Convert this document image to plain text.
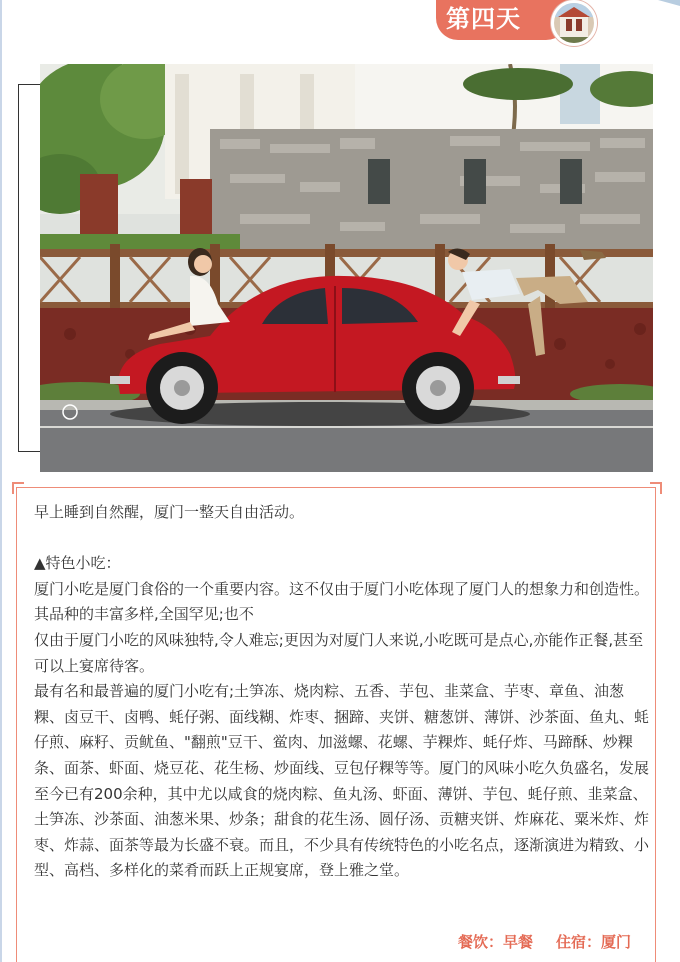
第四天

早上睡到自然醒，厦门一整天自由活动。

▲特色小吃：

厦门小吃是厦门食俗的一个重要内容。这不仅由于厦门小吃体现了厦门人的想象力和创造性。其品种的丰富多样,全国罕见;也不

仅由于厦门小吃的风味独特,令人难忘;更因为对厦门人来说,小吃既可是点心,亦能作正餐,甚至可以上宴席待客。

最有名和最普遍的厦门小吃有;土笋冻、烧肉粽、五香、芋包、韭菜盒、芋枣、章鱼、油葱粿、卤豆干、卤鸭、蚝仔粥、面线糊、炸枣、捆蹄、夹饼、糖葱饼、薄饼、沙茶面、鱼丸、蚝仔煎、麻籽、贡鱿鱼、"翻煎"豆干、鲎肉、加滋螺、花螺、芋粿炸、蚝仔炸、马蹄酥、炒粿条、面茶、虾面、烧豆花、花生杨、炒面线、豆包仔粿等等。厦门的风味小吃久负盛名，发展至今已有200余种，其中尤以咸食的烧肉粽、鱼丸汤、虾面、薄饼、芋包、蚝仔煎、韭菜盒、土笋冻、沙茶面、油葱米果、炒条；甜食的花生汤、圆仔汤、贡糖夹饼、炸麻花、粟米炸、炸枣、炸蒜、面茶等最为长盛不衰。而且，不少具有传统特色的小吃名点，逐渐演进为精致、小型、高档、多样化的菜肴而跃上正规宴席，登上雅之堂。

餐饮：早餐 住宿：厦门
